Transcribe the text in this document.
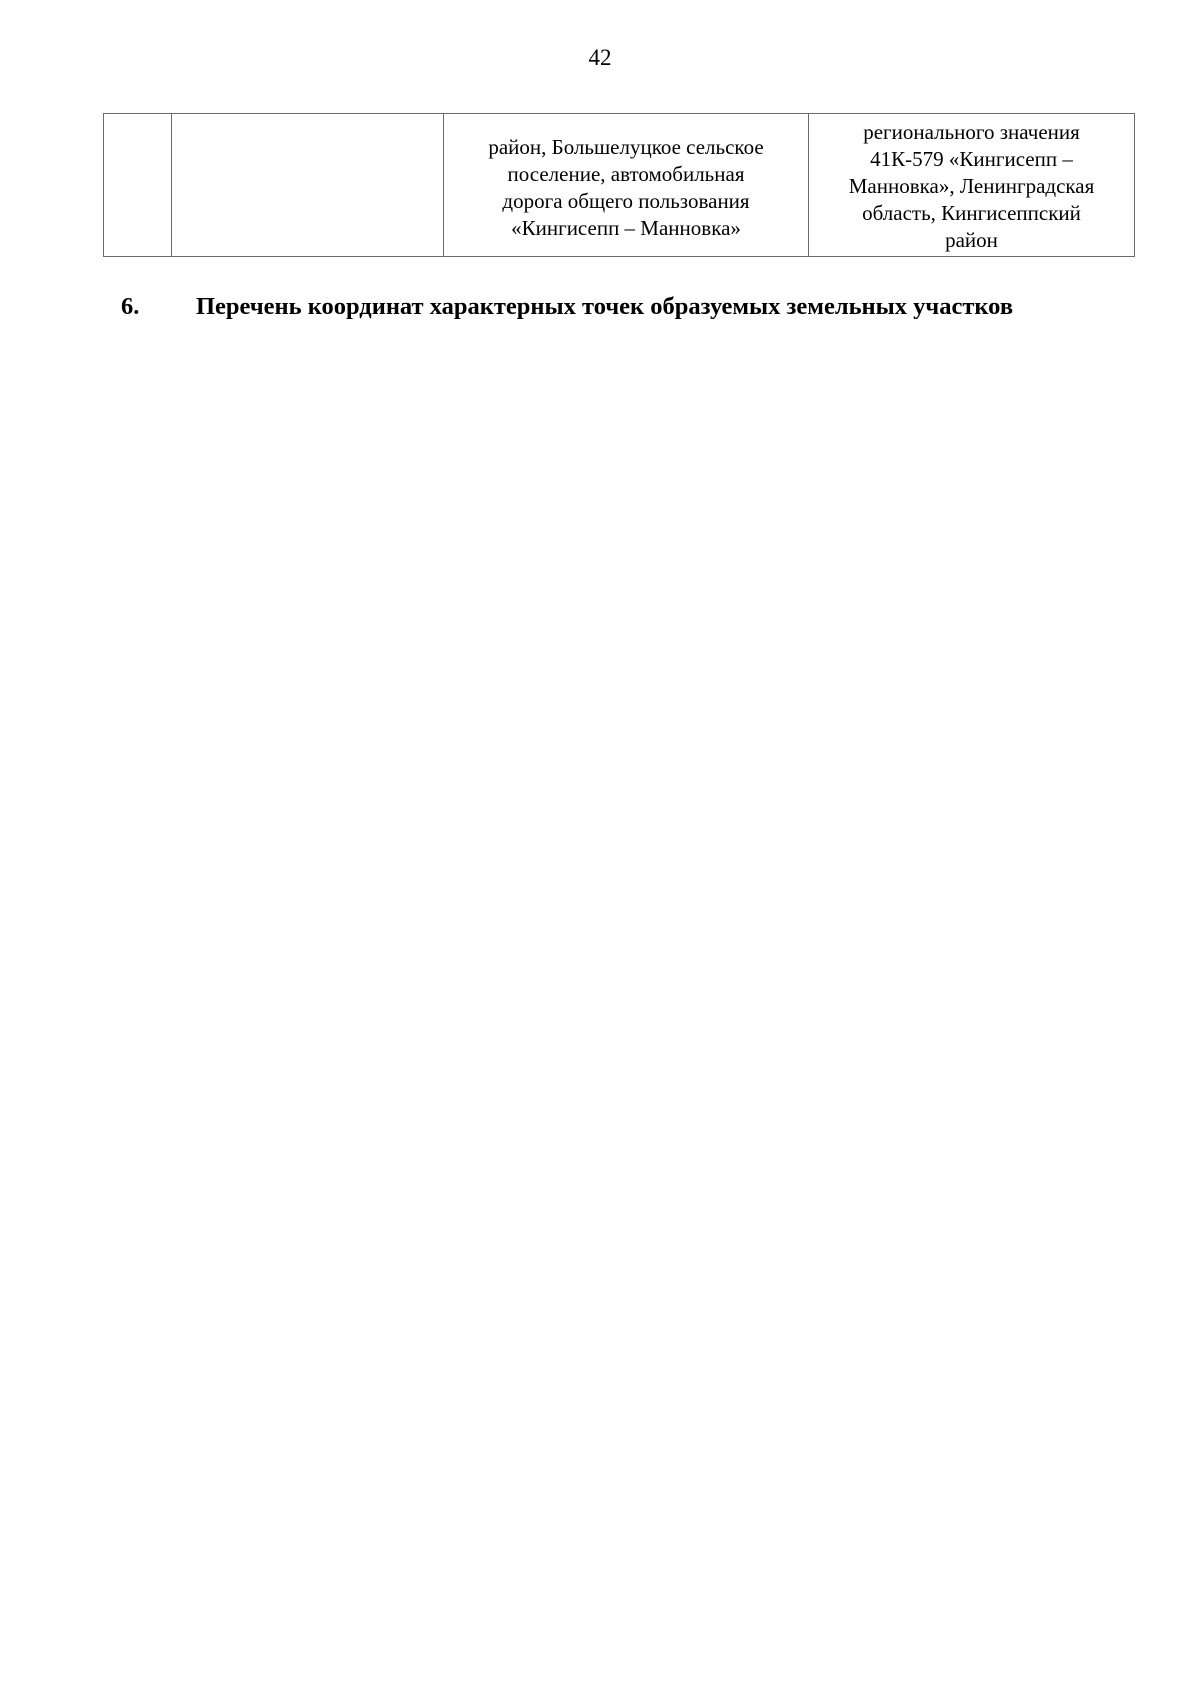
42

район, Большелуцкое сельское
поселение, автомобильная
дорога общего пользования
«Кингисепп – Манновка»

регионального значения
41К-579 «Кингисепп –
Манновка», Ленинградская
область, Кингисеппский
район
6. Перечень координат характерных точек образуемых земельных участков
